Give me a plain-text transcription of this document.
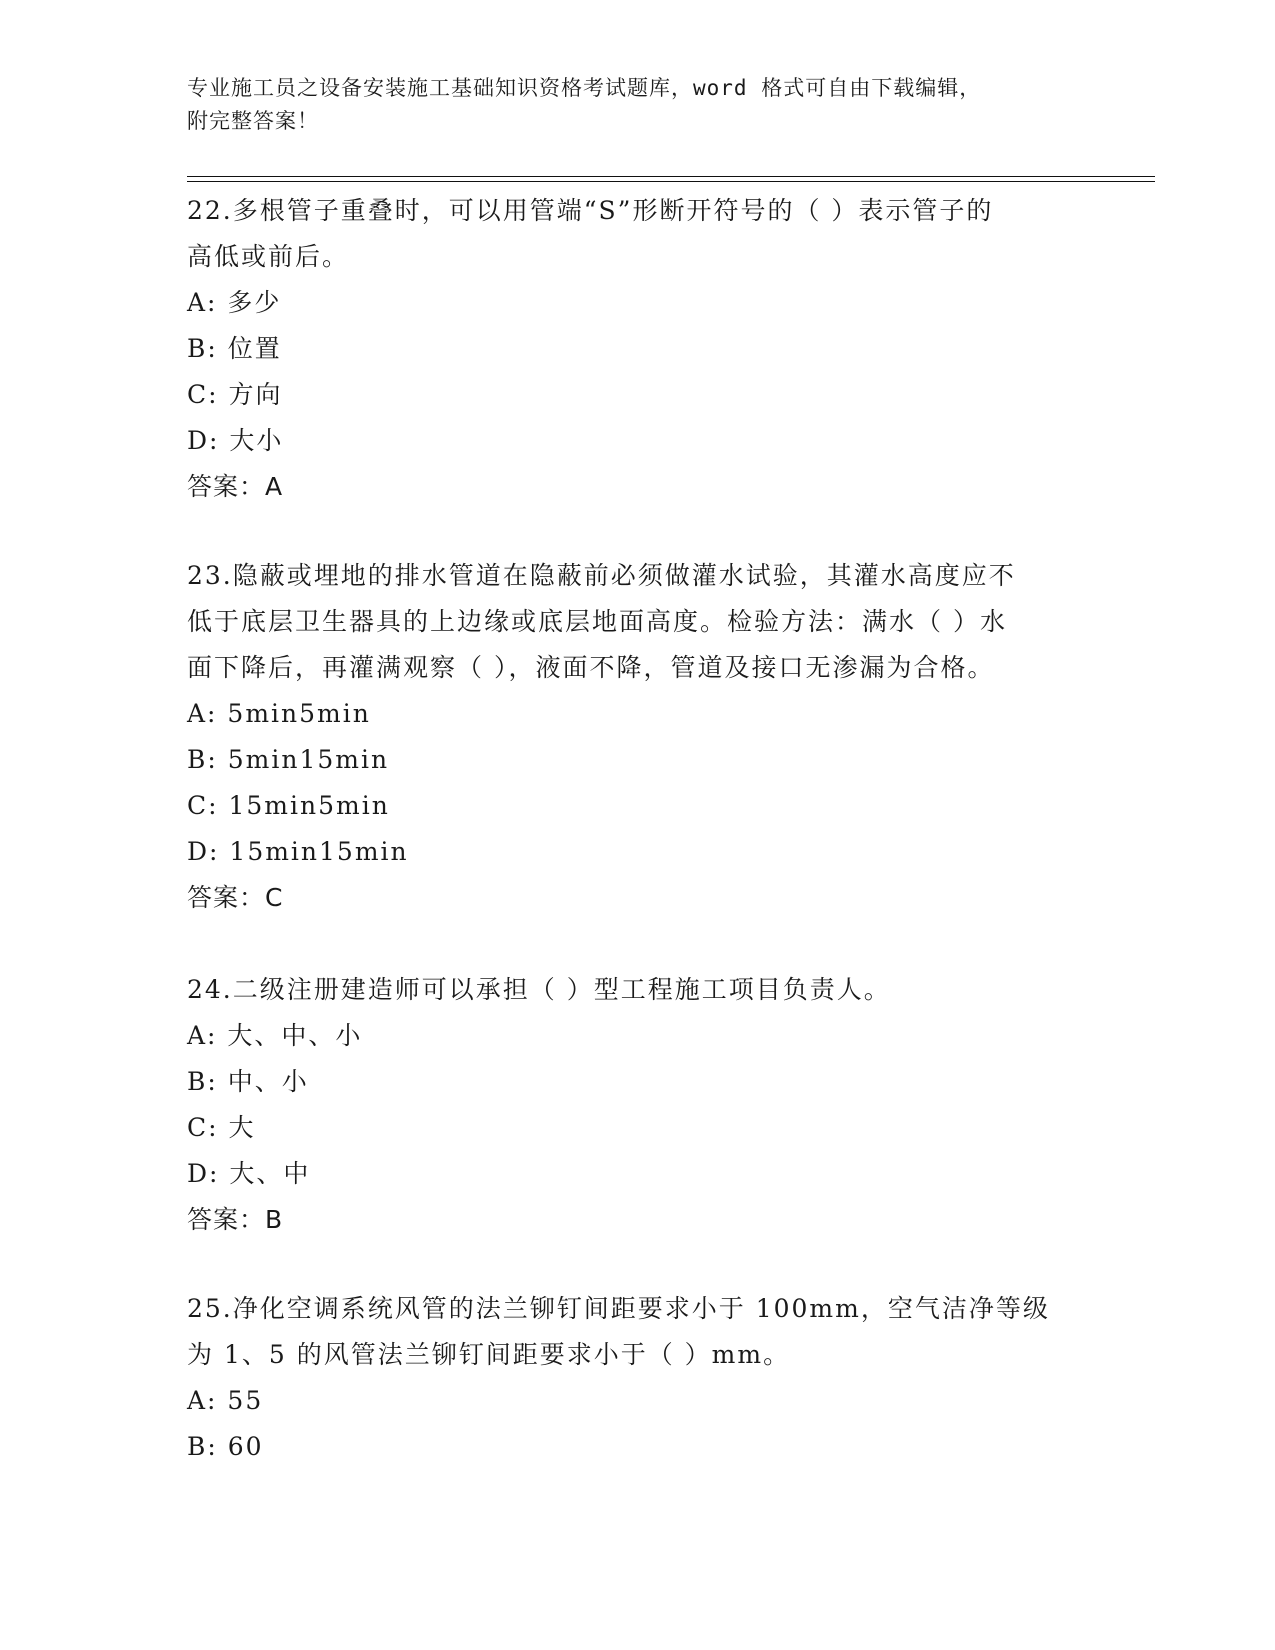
专业施工员之设备安装施工基础知识资格考试题库，word 格式可自由下载编辑，
附完整答案！
22.多根管子重叠时，可以用管端“S”形断开符号的（ ）表示管子的
高低或前后。
A: 多少
B: 位置
C: 方向
D: 大小
答案：A
23.隐蔽或埋地的排水管道在隐蔽前必须做灌水试验，其灌水高度应不
低于底层卫生器具的上边缘或底层地面高度。检验方法：满水（ ）水
面下降后，再灌满观察（ ），液面不降，管道及接口无渗漏为合格。
A: 5min5min
B: 5min15min
C: 15min5min
D: 15min15min
答案：C
24.二级注册建造师可以承担（ ）型工程施工项目负责人。
A: 大、中、小
B: 中、小
C: 大
D: 大、中
答案：B
25.净化空调系统风管的法兰铆钉间距要求小于 100mm，空气洁净等级
为 1、5 的风管法兰铆钉间距要求小于（ ）mm。
A: 55
B: 60
